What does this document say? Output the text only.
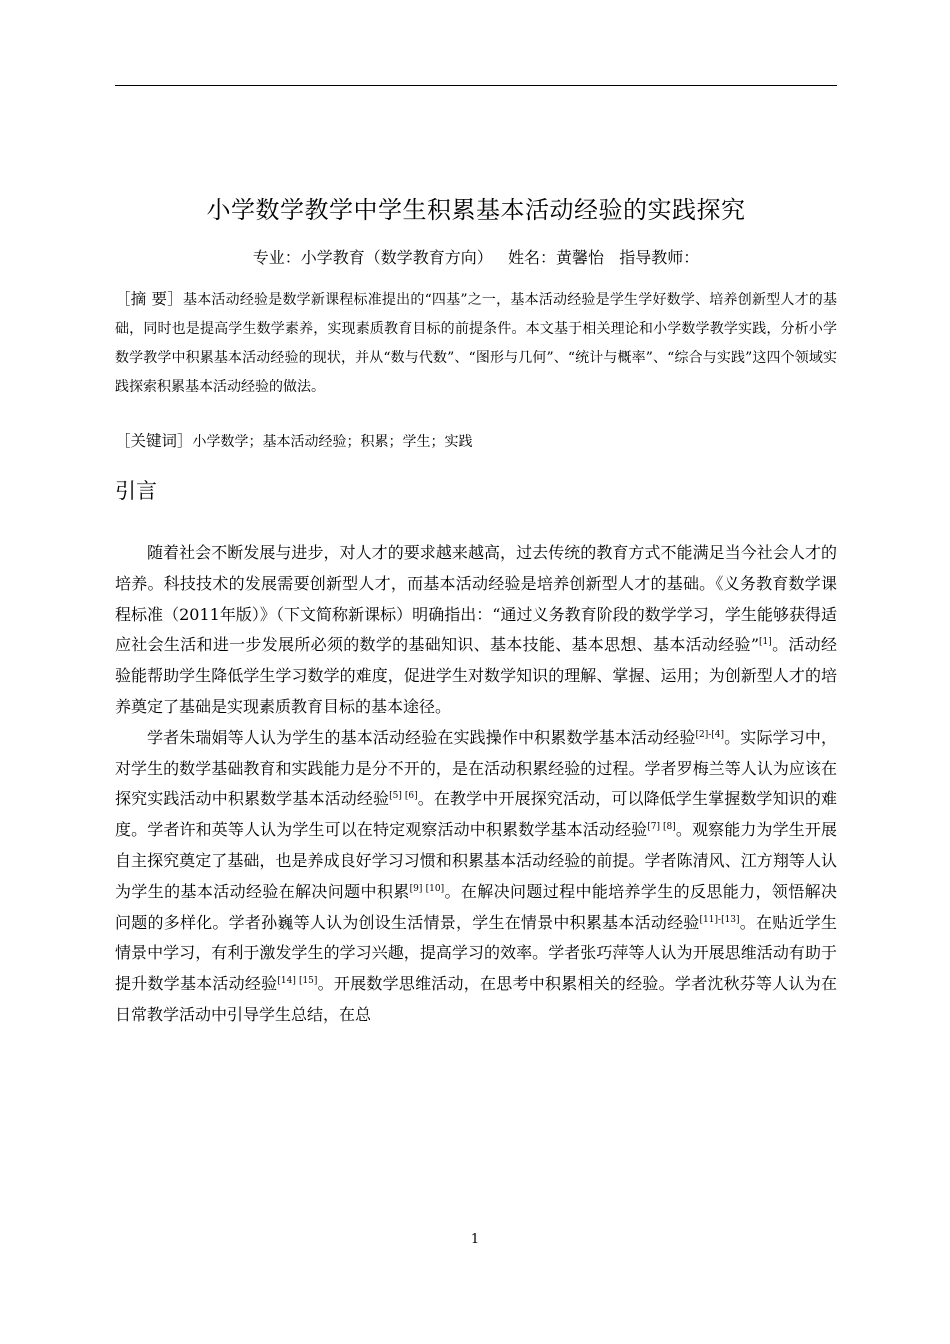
小学数学教学中学生积累基本活动经验的实践探究
专业：小学教育（数学教育方向） 姓名：黄馨怡 指导教师：
［摘 要］基本活动经验是数学新课程标准提出的“四基”之一，基本活动经验是学生学好数学、培养创新型人才的基础，同时也是提高学生数学素养，实现素质教育目标的前提条件。本文基于相关理论和小学数学教学实践，分析小学数学教学中积累基本活动经验的现状，并从“数与代数”、“图形与几何”、“统计与概率”、“综合与实践”这四个领域实践探索积累基本活动经验的做法。
［关键词］小学数学；基本活动经验；积累；学生；实践
引言

随着社会不断发展与进步，对人才的要求越来越高，过去传统的教育方式不能满足当今社会人才的培养。科技技术的发展需要创新型人才，而基本活动经验是培养创新型人才的基础。《义务教育数学课程标准（2011年版）》（下文简称新课标）明确指出：“通过义务教育阶段的数学学习，学生能够获得适应社会生活和进一步发展所必须的数学的基础知识、基本技能、基本思想、基本活动经验”[1]。活动经验能帮助学生降低学生学习数学的难度，促进学生对数学知识的理解、掌握、运用；为创新型人才的培养奠定了基础是实现素质教育目标的基本途径。

学者朱瑞娟等人认为学生的基本活动经验在实践操作中积累数学基本活动经验[2]-[4]。实际学习中，对学生的数学基础教育和实践能力是分不开的，是在活动积累经验的过程。学者罗梅兰等人认为应该在探究实践活动中积累数学基本活动经验[5] [6]。在教学中开展探究活动，可以降低学生掌握数学知识的难度。学者许和英等人认为学生可以在特定观察活动中积累数学基本活动经验[7] [8]。观察能力为学生开展自主探究奠定了基础，也是养成良好学习习惯和积累基本活动经验的前提。学者陈清风、江方翔等人认为学生的基本活动经验在解决问题中积累[9] [10]。在解决问题过程中能培养学生的反思能力，领悟解决问题的多样化。学者孙巍等人认为创设生活情景，学生在情景中积累基本活动经验[11]-[13]。在贴近学生情景中学习，有利于激发学生的学习兴趣，提高学习的效率。学者张巧萍等人认为开展思维活动有助于提升数学基本活动经验[14] [15]。开展数学思维活动，在思考中积累相关的经验。学者沈秋芬等人认为在日常教学活动中引导学生总结，在总

1
